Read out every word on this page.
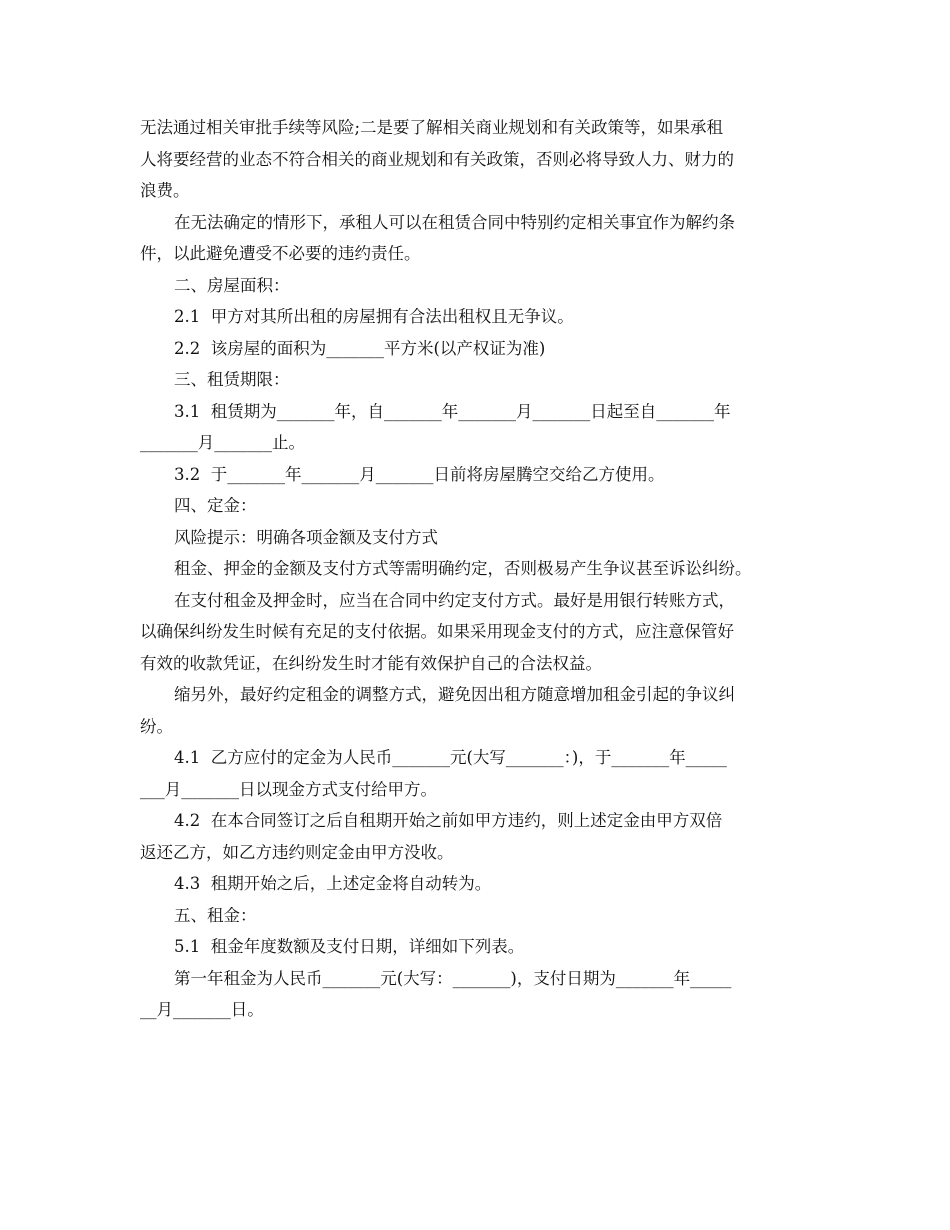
无法通过相关审批手续等风险;二是要了解相关商业规划和有关政策等，如果承租
人将要经营的业态不符合相关的商业规划和有关政策，否则必将导致人力、财力的
浪费。
在无法确定的情形下，承租人可以在租赁合同中特别约定相关事宜作为解约条
件，以此避免遭受不必要的违约责任。
二、房屋面积：
2.1  甲方对其所出租的房屋拥有合法出租权且无争议。
2.2  该房屋的面积为_______平方米(以产权证为准)
三、租赁期限：
3.1  租赁期为_______年，自_______年_______月_______日起至自_______年
_______月_______止。
3.2  于_______年_______月_______日前将房屋腾空交给乙方使用。
四、定金：
风险提示：明确各项金额及支付方式
租金、押金的金额及支付方式等需明确约定，否则极易产生争议甚至诉讼纠纷。
在支付租金及押金时，应当在合同中约定支付方式。最好是用银行转账方式，
以确保纠纷发生时候有充足的支付依据。如果采用现金支付的方式，应注意保管好
有效的收款凭证，在纠纷发生时才能有效保护自己的合法权益。
缩另外，最好约定租金的调整方式，避免因出租方随意增加租金引起的争议纠
纷。
4.1  乙方应付的定金为人民币_______元(大写_______：)，于_______年_____
___月_______日以现金方式支付给甲方。
4.2  在本合同签订之后自租期开始之前如甲方违约，则上述定金由甲方双倍
返还乙方，如乙方违约则定金由甲方没收。
4.3  租期开始之后，上述定金将自动转为。
五、租金：
5.1  租金年度数额及支付日期，详细如下列表。
第一年租金为人民币_______元(大写：_______)，支付日期为_______年_____
__月_______日。
